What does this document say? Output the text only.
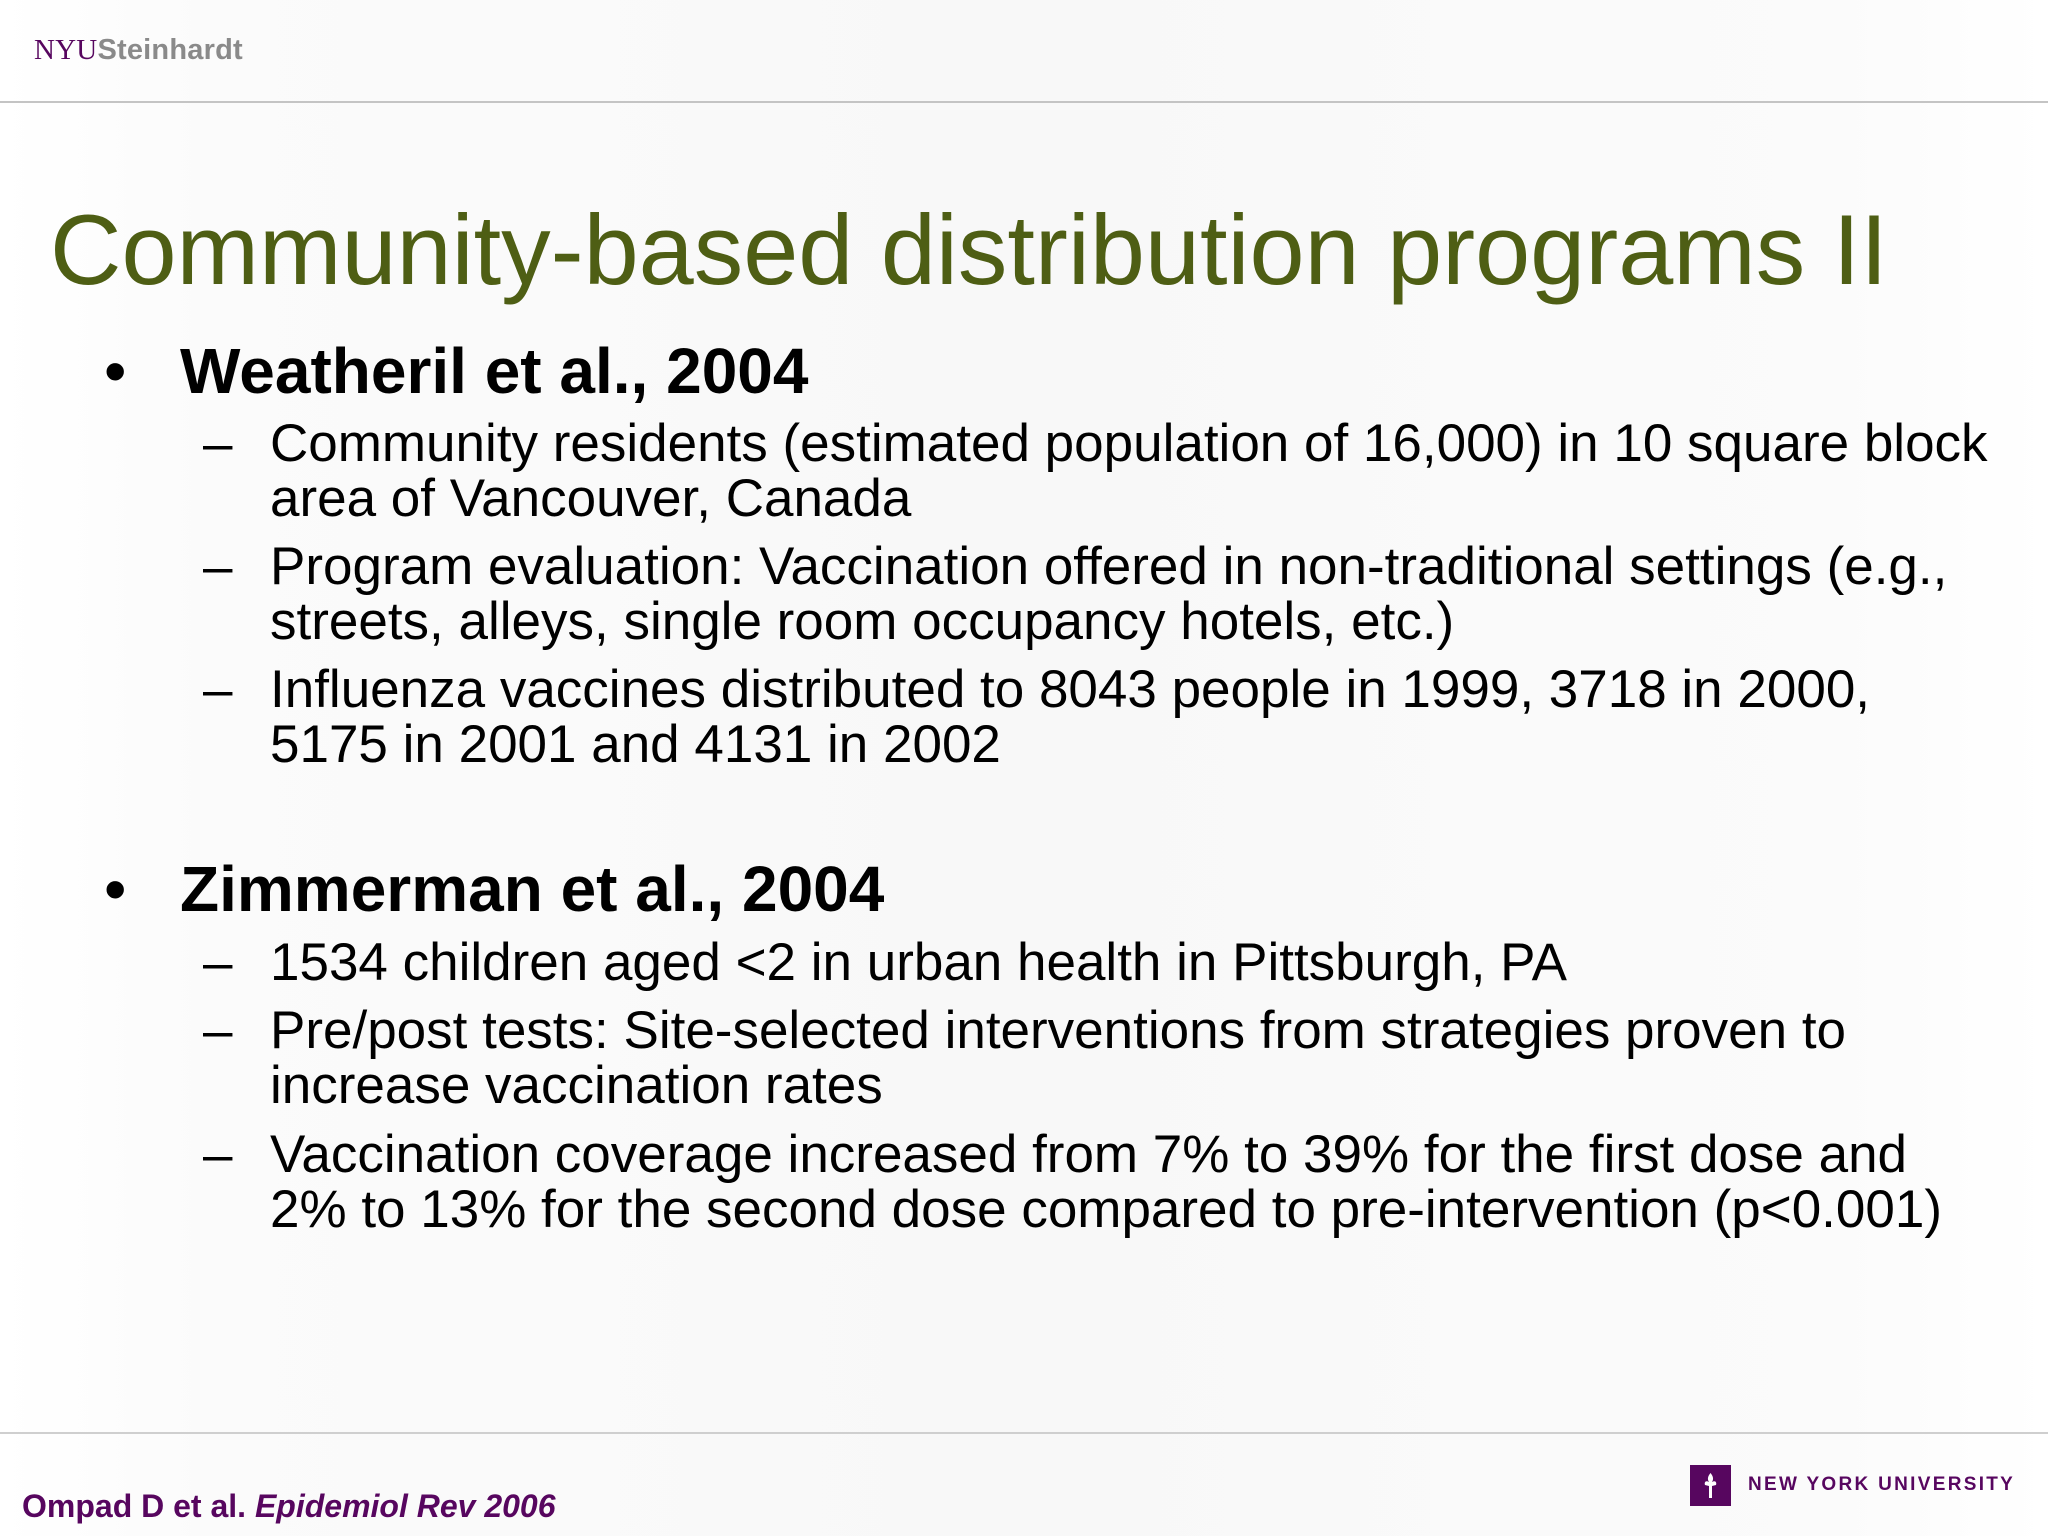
NYUSteinhardt
Community-based distribution programs II
• Weatheril et al., 2004
– Community residents (estimated population of 16,000) in 10 square block area of Vancouver, Canada
– Program evaluation: Vaccination offered in non-traditional settings (e.g., streets, alleys, single room occupancy hotels, etc.)
– Influenza vaccines distributed to 8043 people in 1999, 3718 in 2000, 5175 in 2001 and 4131 in 2002
• Zimmerman et al., 2004
– 1534 children aged <2 in urban health in Pittsburgh, PA
– Pre/post tests: Site-selected interventions from strategies proven to increase vaccination rates
– Vaccination coverage increased from 7% to 39% for the first dose and 2% to 13% for the second dose compared to pre-intervention (p<0.001)
Ompad D et al. Epidemiol Rev 2006
NEW YORK UNIVERSITY
